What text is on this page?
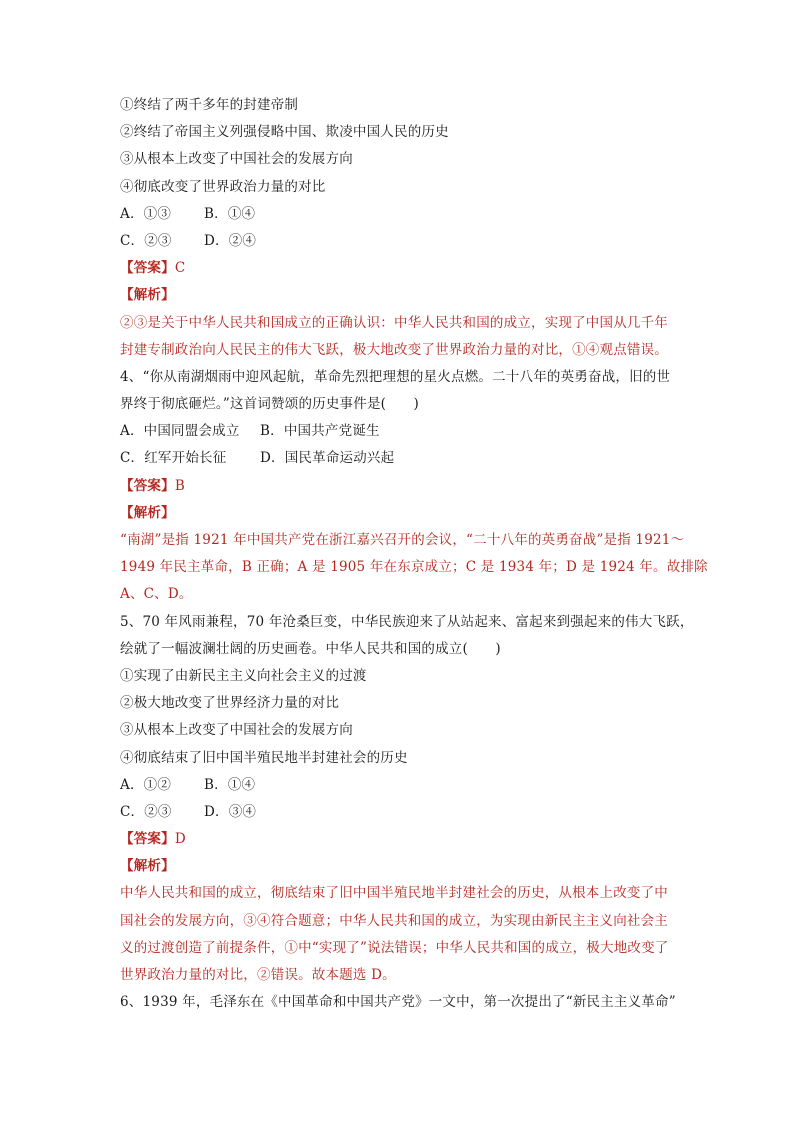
①终结了两千多年的封建帝制
②终结了帝国主义列强侵略中国、欺凌中国人民的历史
③从根本上改变了中国社会的发展方向
④彻底改变了世界政治力量的对比
A．①③ B．①④
C．②③ D．②④
【答案】C
【解析】
②③是关于中华人民共和国成立的正确认识：中华人民共和国的成立，实现了中国从几千年
封建专制政治向人民民主的伟大飞跃，极大地改变了世界政治力量的对比，①④观点错误。
4、“你从南湖烟雨中迎风起航，革命先烈把理想的星火点燃。二十八年的英勇奋战，旧的世
界终于彻底砸烂。”这首词赞颂的历史事件是(　　)
A．中国同盟会成立 B．中国共产党诞生
C．红军开始长征 D．国民革命运动兴起
【答案】B
【解析】
“南湖”是指 1921 年中国共产党在浙江嘉兴召开的会议，“二十八年的英勇奋战”是指 1921～
1949 年民主革命，B 正确；A 是 1905 年在东京成立；C 是 1934 年；D 是 1924 年。故排除
A、C、D。
5、70 年风雨兼程，70 年沧桑巨变，中华民族迎来了从站起来、富起来到强起来的伟大飞跃，
绘就了一幅波澜壮阔的历史画卷。中华人民共和国的成立(　　)
①实现了由新民主主义向社会主义的过渡
②极大地改变了世界经济力量的对比
③从根本上改变了中国社会的发展方向
④彻底结束了旧中国半殖民地半封建社会的历史
A．①② B．①④
C．②③ D．③④
【答案】D
【解析】
中华人民共和国的成立，彻底结束了旧中国半殖民地半封建社会的历史，从根本上改变了中
国社会的发展方向，③④符合题意；中华人民共和国的成立，为实现由新民主主义向社会主
义的过渡创造了前提条件，①中“实现了”说法错误；中华人民共和国的成立，极大地改变了
世界政治力量的对比，②错误。故本题选 D。
6、1939 年，毛泽东在《中国革命和中国共产党》一文中，第一次提出了“新民主主义革命”
